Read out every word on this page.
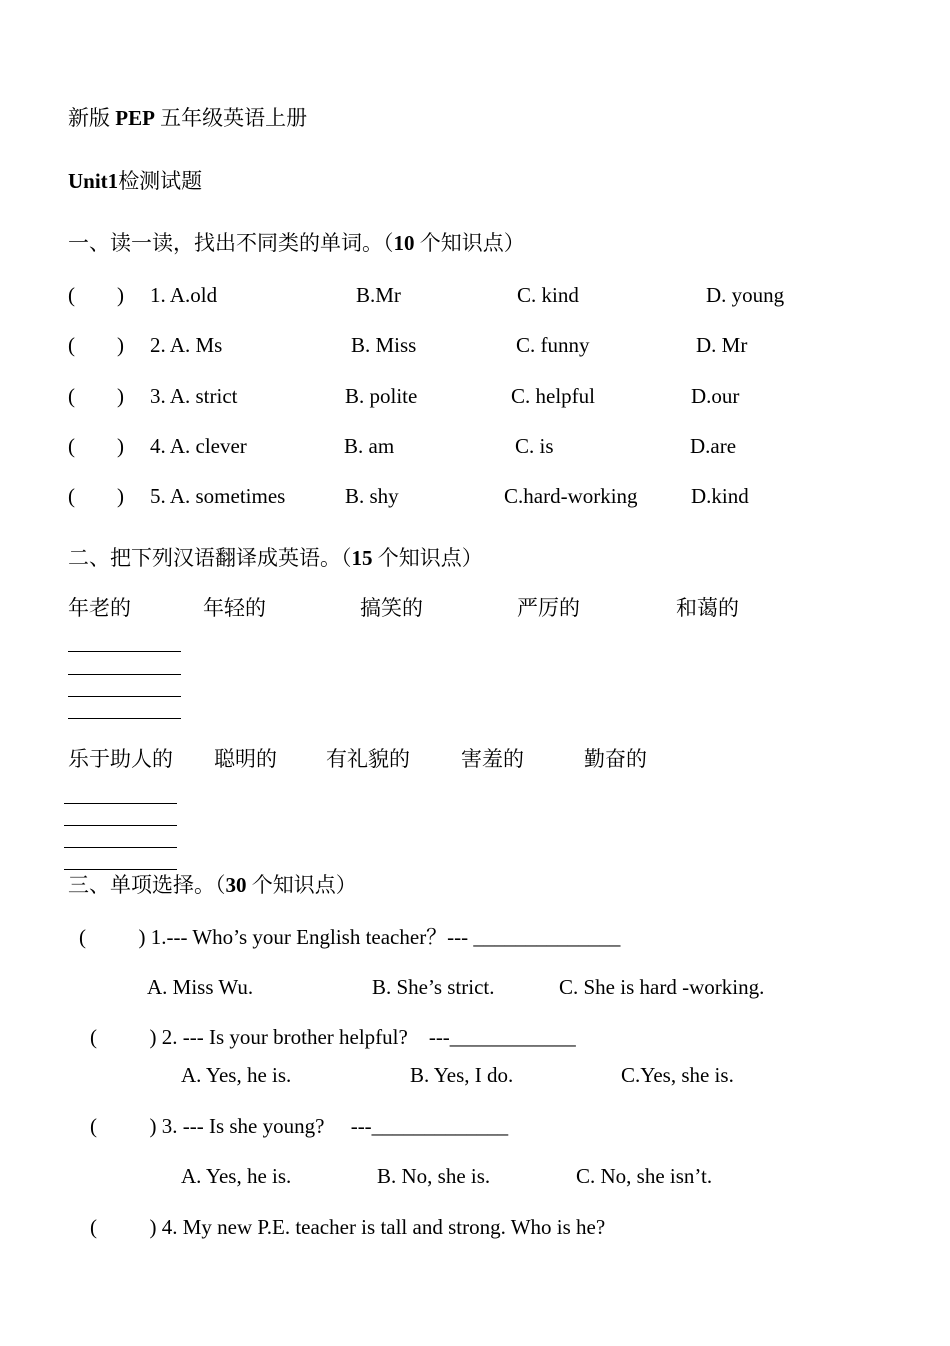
新版 PEP 五年级英语上册
Unit1检测试题
一、读一读，找出不同类的单词。（10 个知识点）
(        ) 1. A.old	B.Mr	C. kind	D. young
(        ) 2. A. Ms	B. Miss	C. funny	D. Mr
(        ) 3. A. strict	B. polite	C. helpful	D.our
(        ) 4. A. clever	B. am	C. is	D.are
(        ) 5. A. sometimes	B. shy	C.hard-working	D.kind
二、把下列汉语翻译成英语。（15 个知识点）
年老的	年轻的	搞笑的	严厉的	和蔼的
乐于助人的 聪明的 有礼貌的 害羞的	勤奋的
三、单项选择。（30 个知识点）
(          ) 1.--- Who’s your English teacher？--- ______________
A. Miss Wu.	B. She’s strict.	C. She is hard -working.
(          ) 2. --- Is your brother helpful?    ---____________
A. Yes, he is.	B. Yes, I do.	C.Yes, she is.
(          ) 3. --- Is she young?     ---_____________
A. Yes, he is.	B. No, she is.	C. No, she isn’t.
(          ) 4. My new P.E. teacher is tall and strong. Who is he?
